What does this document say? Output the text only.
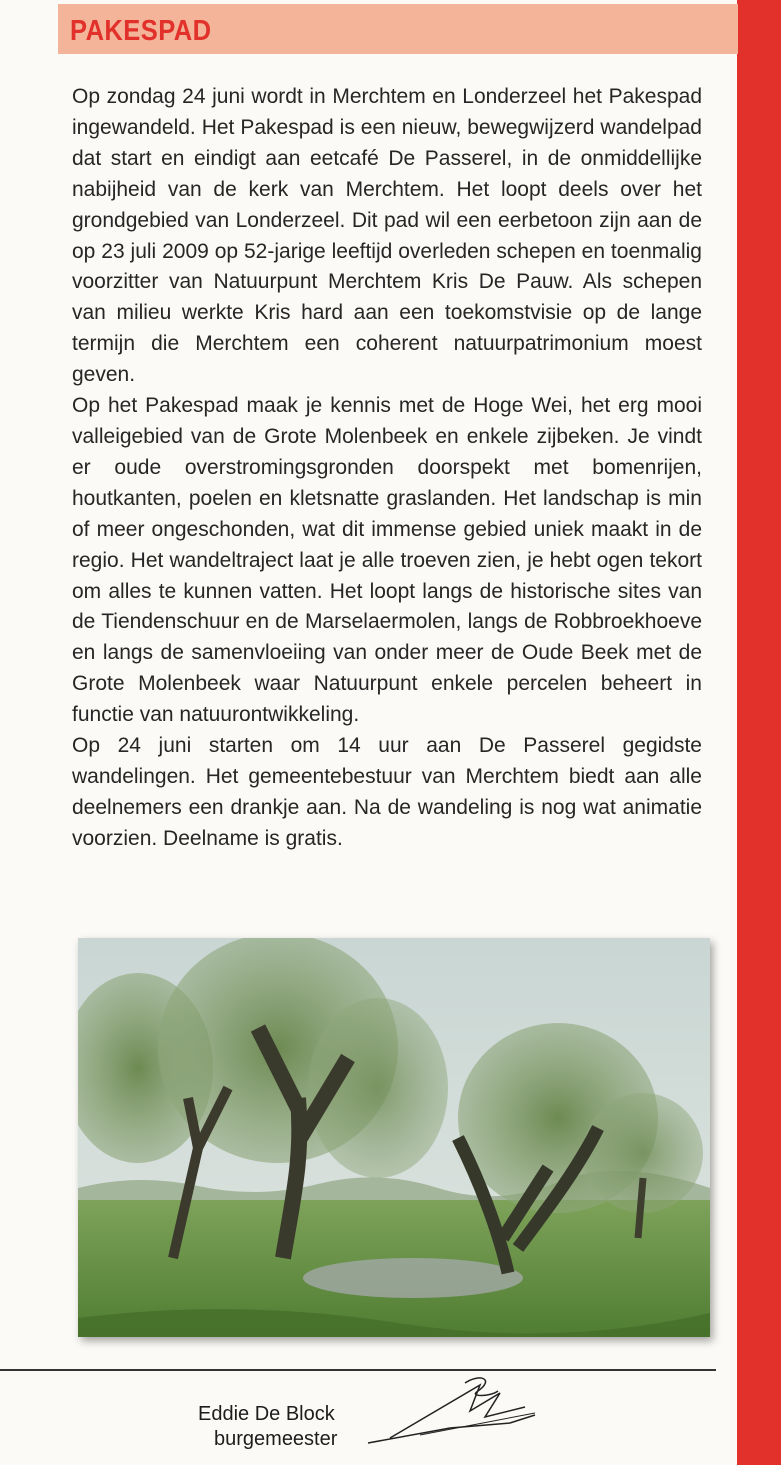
PAKESPAD

Op zondag 24 juni wordt in Merchtem en Londerzeel het Pakespad ingewandeld. Het Pakespad is een nieuw, bewegwijzerd wandelpad dat start en eindigt aan eetcafé De Passerel, in de onmiddellijke nabijheid van de kerk van Merchtem. Het loopt deels over het grondgebied van Londerzeel. Dit pad wil een eerbetoon zijn aan de op 23 juli 2009 op 52-jarige leeftijd overleden schepen en toenmalig voorzitter van Natuurpunt Merchtem Kris De Pauw. Als schepen van milieu werkte Kris hard aan een toekomstvisie op de lange termijn die Merchtem een coherent natuurpatrimonium moest geven.

Op het Pakespad maak je kennis met de Hoge Wei, het erg mooi valleigebied van de Grote Molenbeek en enkele zijbeken. Je vindt er oude overstromingsgronden doorspekt met bomenrijen, houtkanten, poelen en kletsnatte graslanden. Het landschap is min of meer ongeschonden, wat dit immense gebied uniek maakt in de regio. Het wandeltraject laat je alle troeven zien, je hebt ogen tekort om alles te kunnen vatten. Het loopt langs de historische sites van de Tiendenschuur en de Marselaermolen, langs de Robbroekhoeve en langs de samenvloeiing van onder meer de Oude Beek met de Grote Molenbeek waar Natuurpunt enkele percelen beheert in functie van natuurontwikkeling.

Op 24 juni starten om 14 uur aan De Passerel gegidste wandelingen. Het gemeentebestuur van Merchtem biedt aan alle deelnemers een drankje aan. Na de wandeling is nog wat animatie voorzien. Deelname is gratis.

Eddie De Block
burgemeester
